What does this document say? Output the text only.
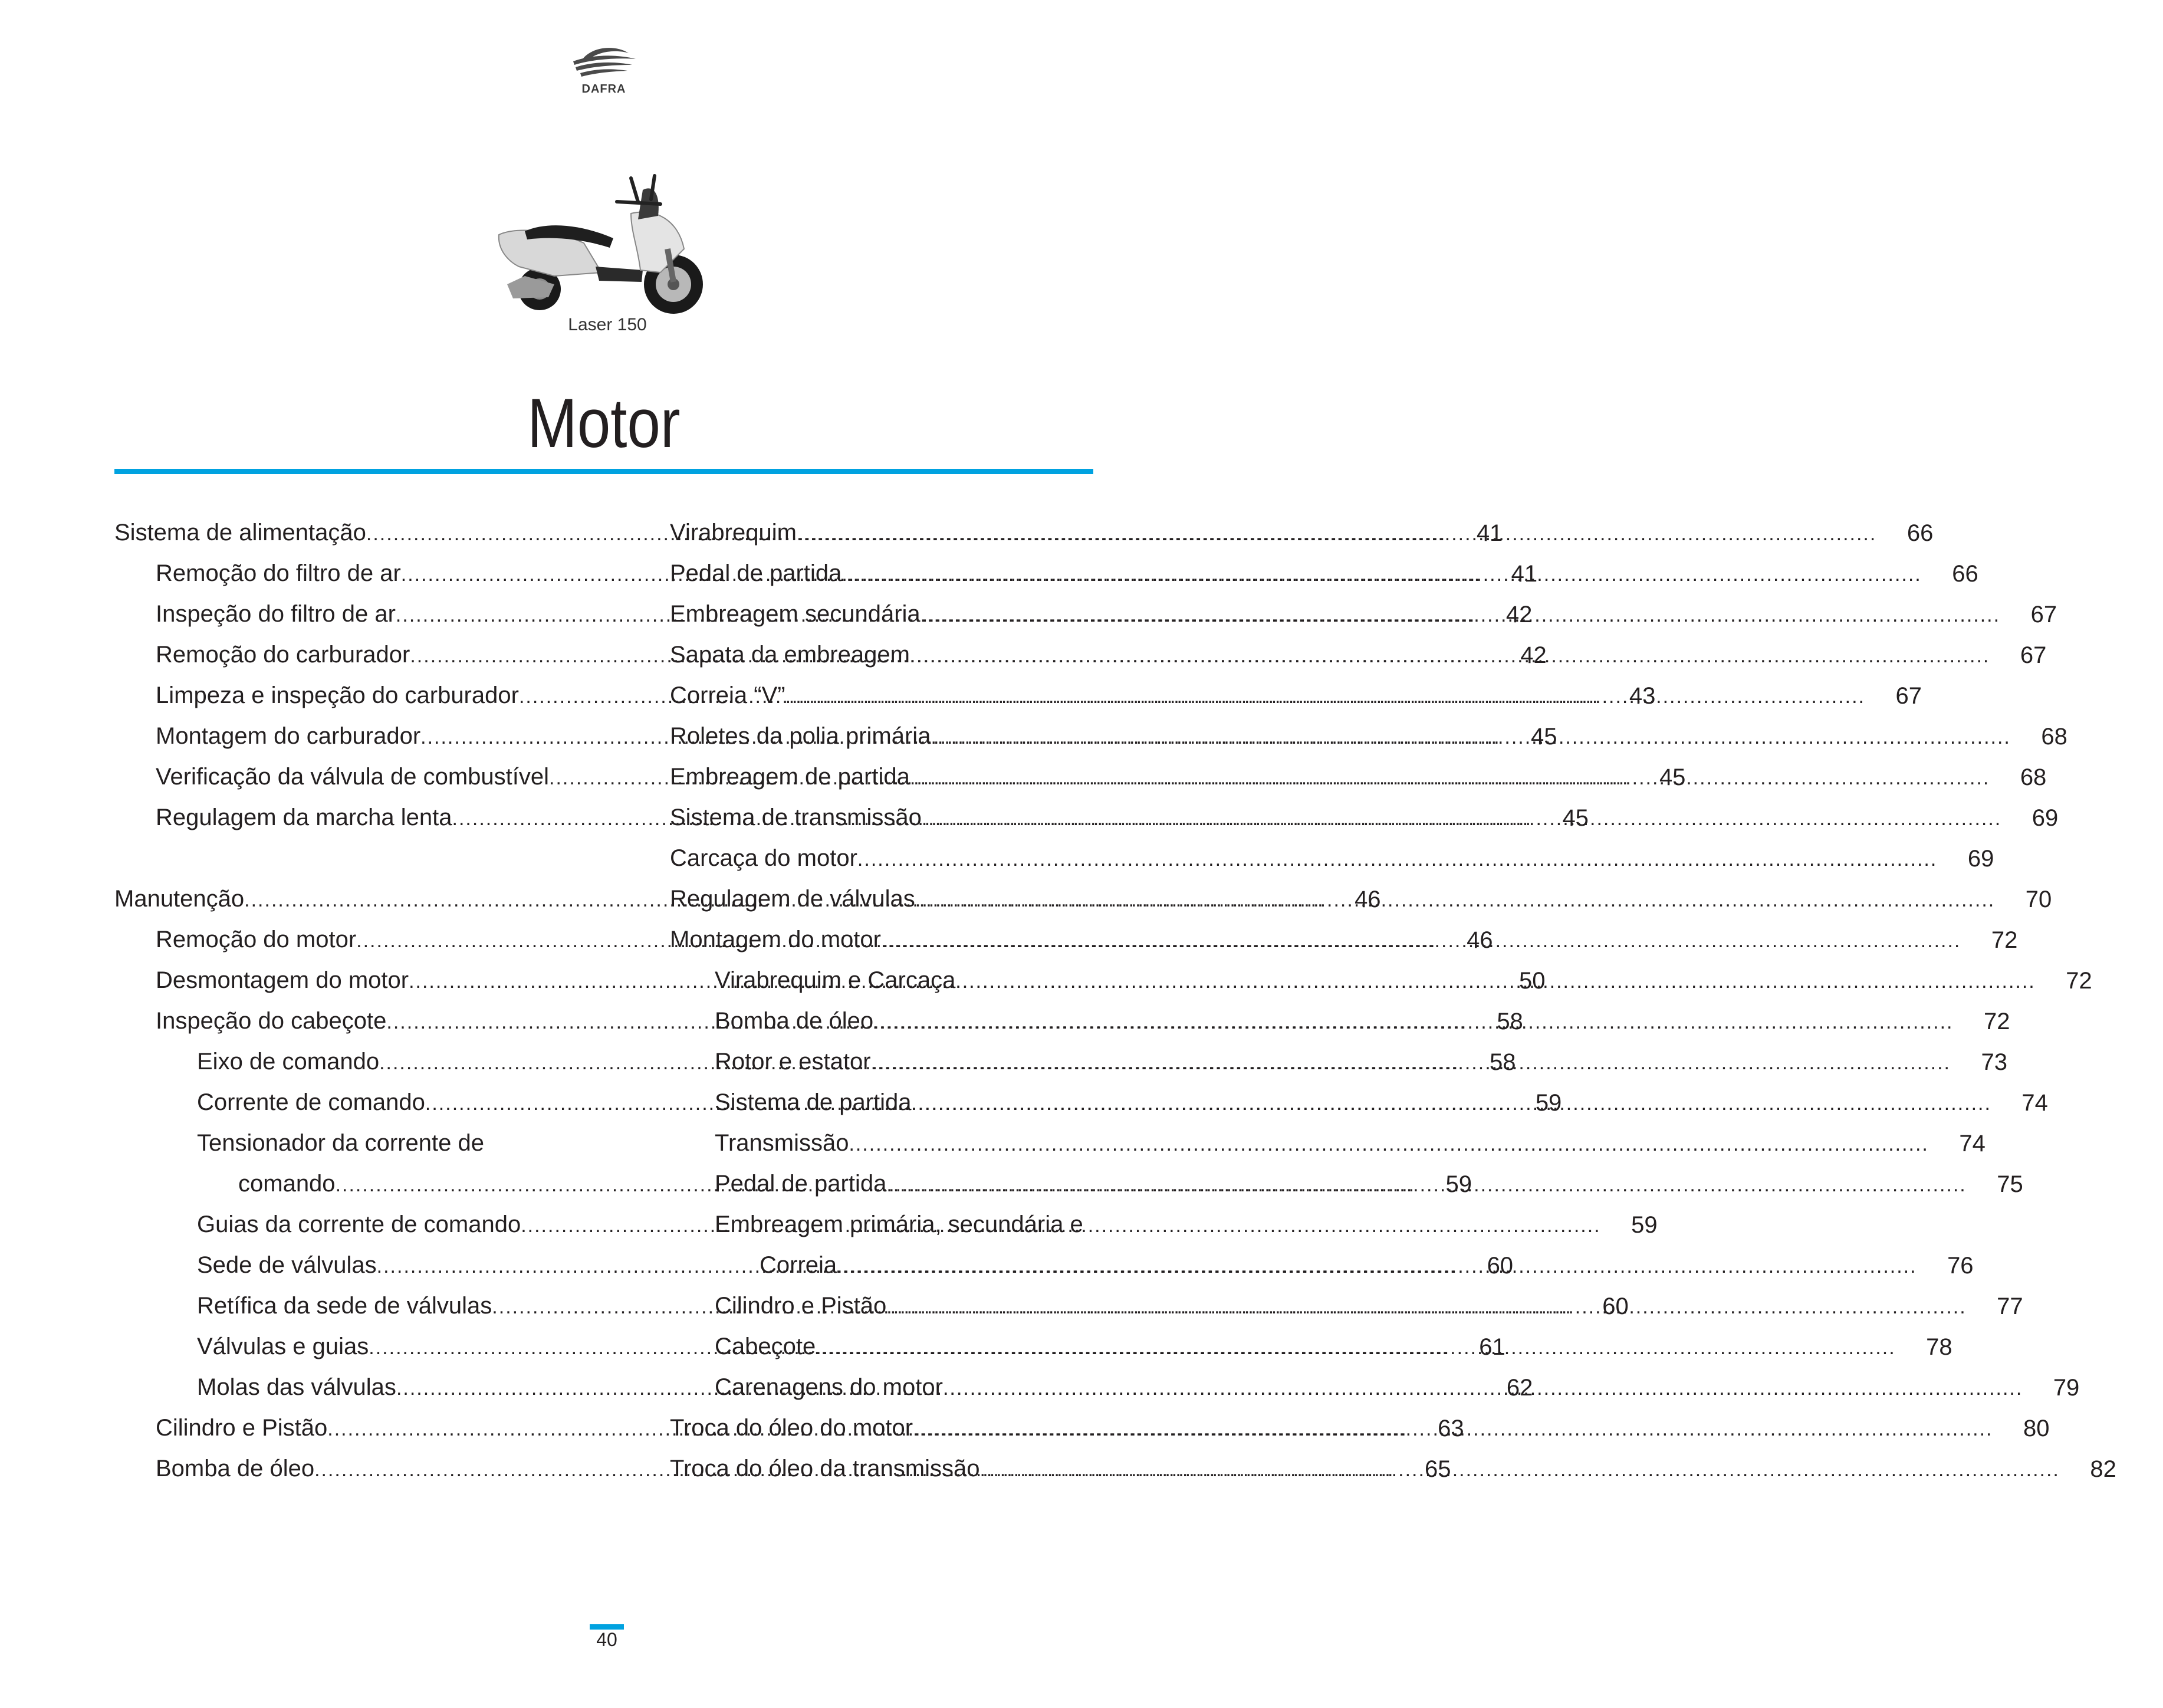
DAFRA
Laser 150
Motor
Sistema de alimentação .....	41
Remoção do filtro de ar .....	41
Inspeção do filtro de ar .....	42
Remoção do carburador .....	42
Limpeza e inspeção do carburador .....	43
Montagem do carburador .....	45
Verificação da válvula de combustível .....	45
Regulagem da marcha lenta .....	45
Manutenção .....	46
Remoção do motor .....	46
Desmontagem do motor .....	50
Inspeção do cabeçote .....	58
Eixo de comando .....	58
Corrente de comando .....	59
Tensionador da corrente de
comando .....	59
Guias da corrente de comando .....	59
Sede de válvulas .....	60
Retífica da sede de válvulas .....	60
Válvulas e guias .....	61
Molas das válvulas .....	62
Cilindro e Pistão .....	63
Bomba de óleo .....	65
Virabrequim .....	66
Pedal de partida .....	66
Embreagem secundária .....	67
Sapata da embreagem .....	67
Correia “V” .....	67
Roletes da polia primária .....	68
Embreagem de partida .....	68
Sistema de transmissão .....	69
Carcaça do motor .....	69
Regulagem de válvulas .....	70
Montagem do motor .....	72
Virabrequim e Carcaça .....	72
Bomba de óleo .....	72
Rotor e estator .....	73
Sistema de partida .....	74
Transmissão .....	74
Pedal de partida .....	75
Embreagem primária, secundária e
Correia .....	76
Cilindro e Pistão .....	77
Cabeçote .....	78
Carenagens do motor .....	79
Troca do óleo do motor .....	80
Troca do óleo da transmissão .....	82
40
